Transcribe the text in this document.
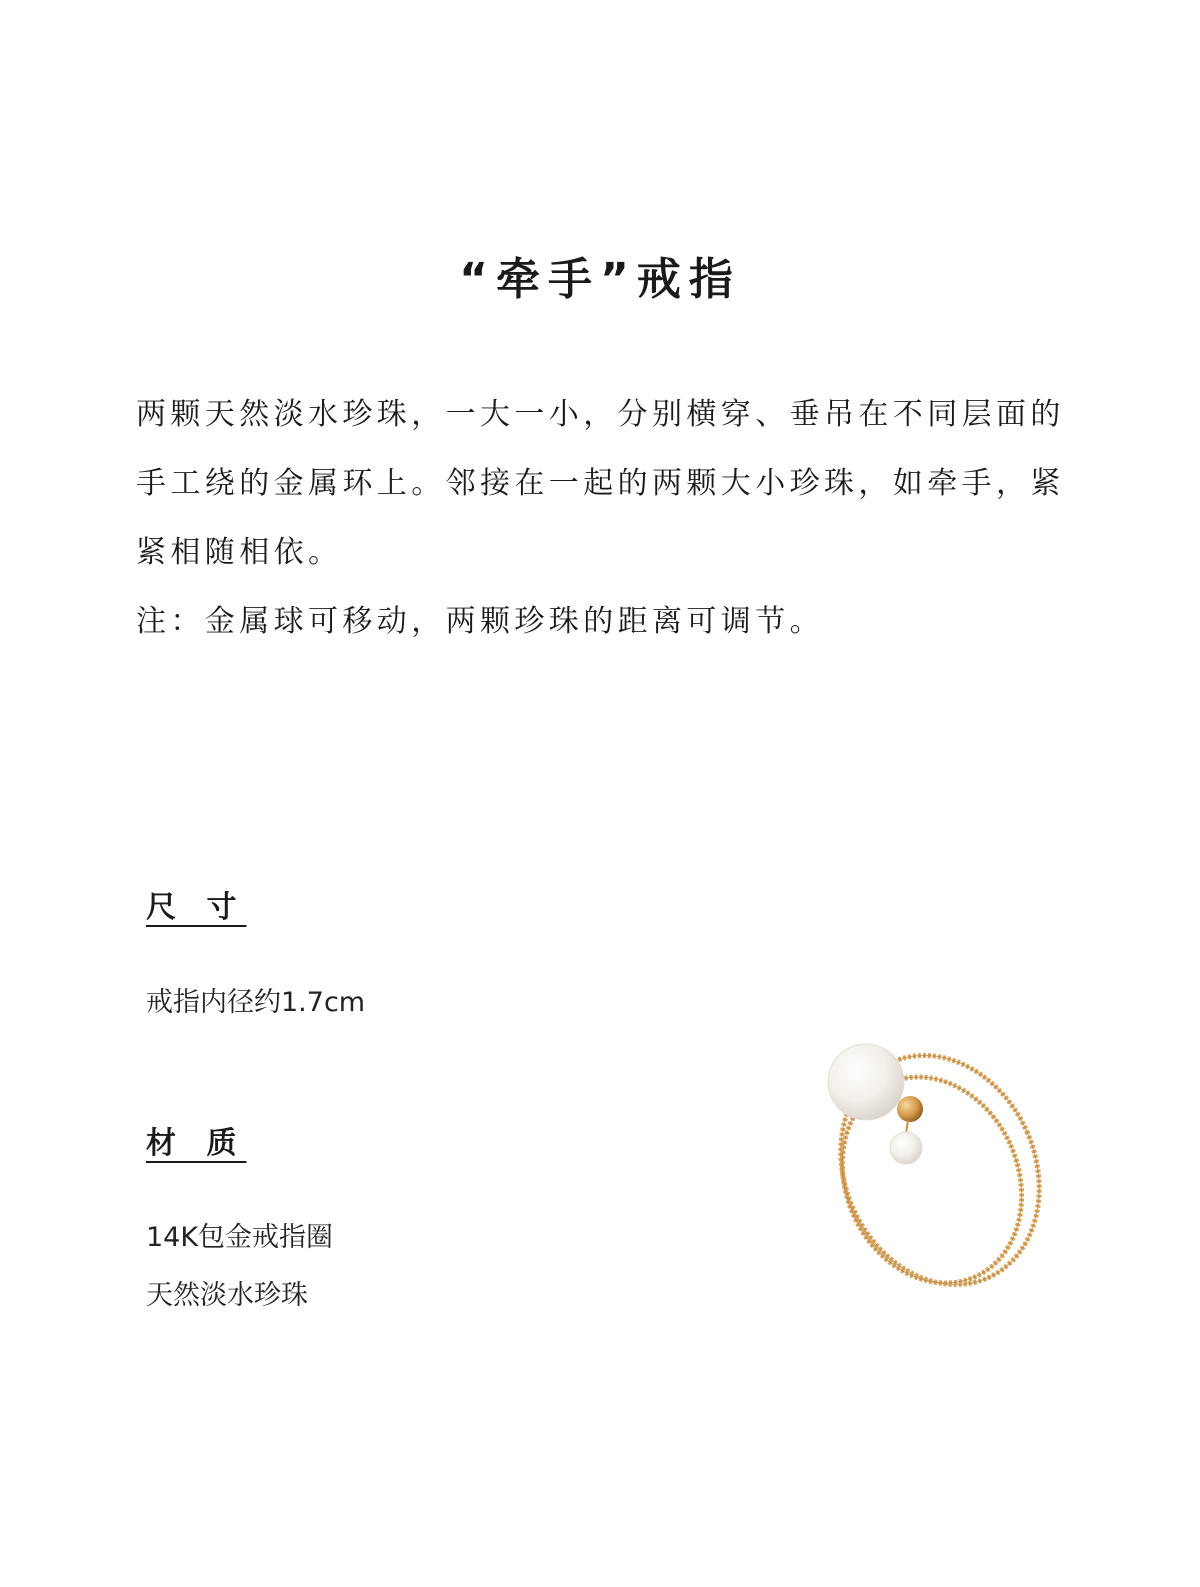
“牵手”戒指

两颗天然淡水珍珠，一大一小，分别横穿、垂吊在不同层面的手工绕的金属环上。邻接在一起的两颗大小珍珠，如牵手，紧紧相随相依。

注：金属球可移动，两颗珍珠的距离可调节。

尺 寸
戒指内径约1.7cm
材 质
14K包金戒指圈
天然淡水珍珠
